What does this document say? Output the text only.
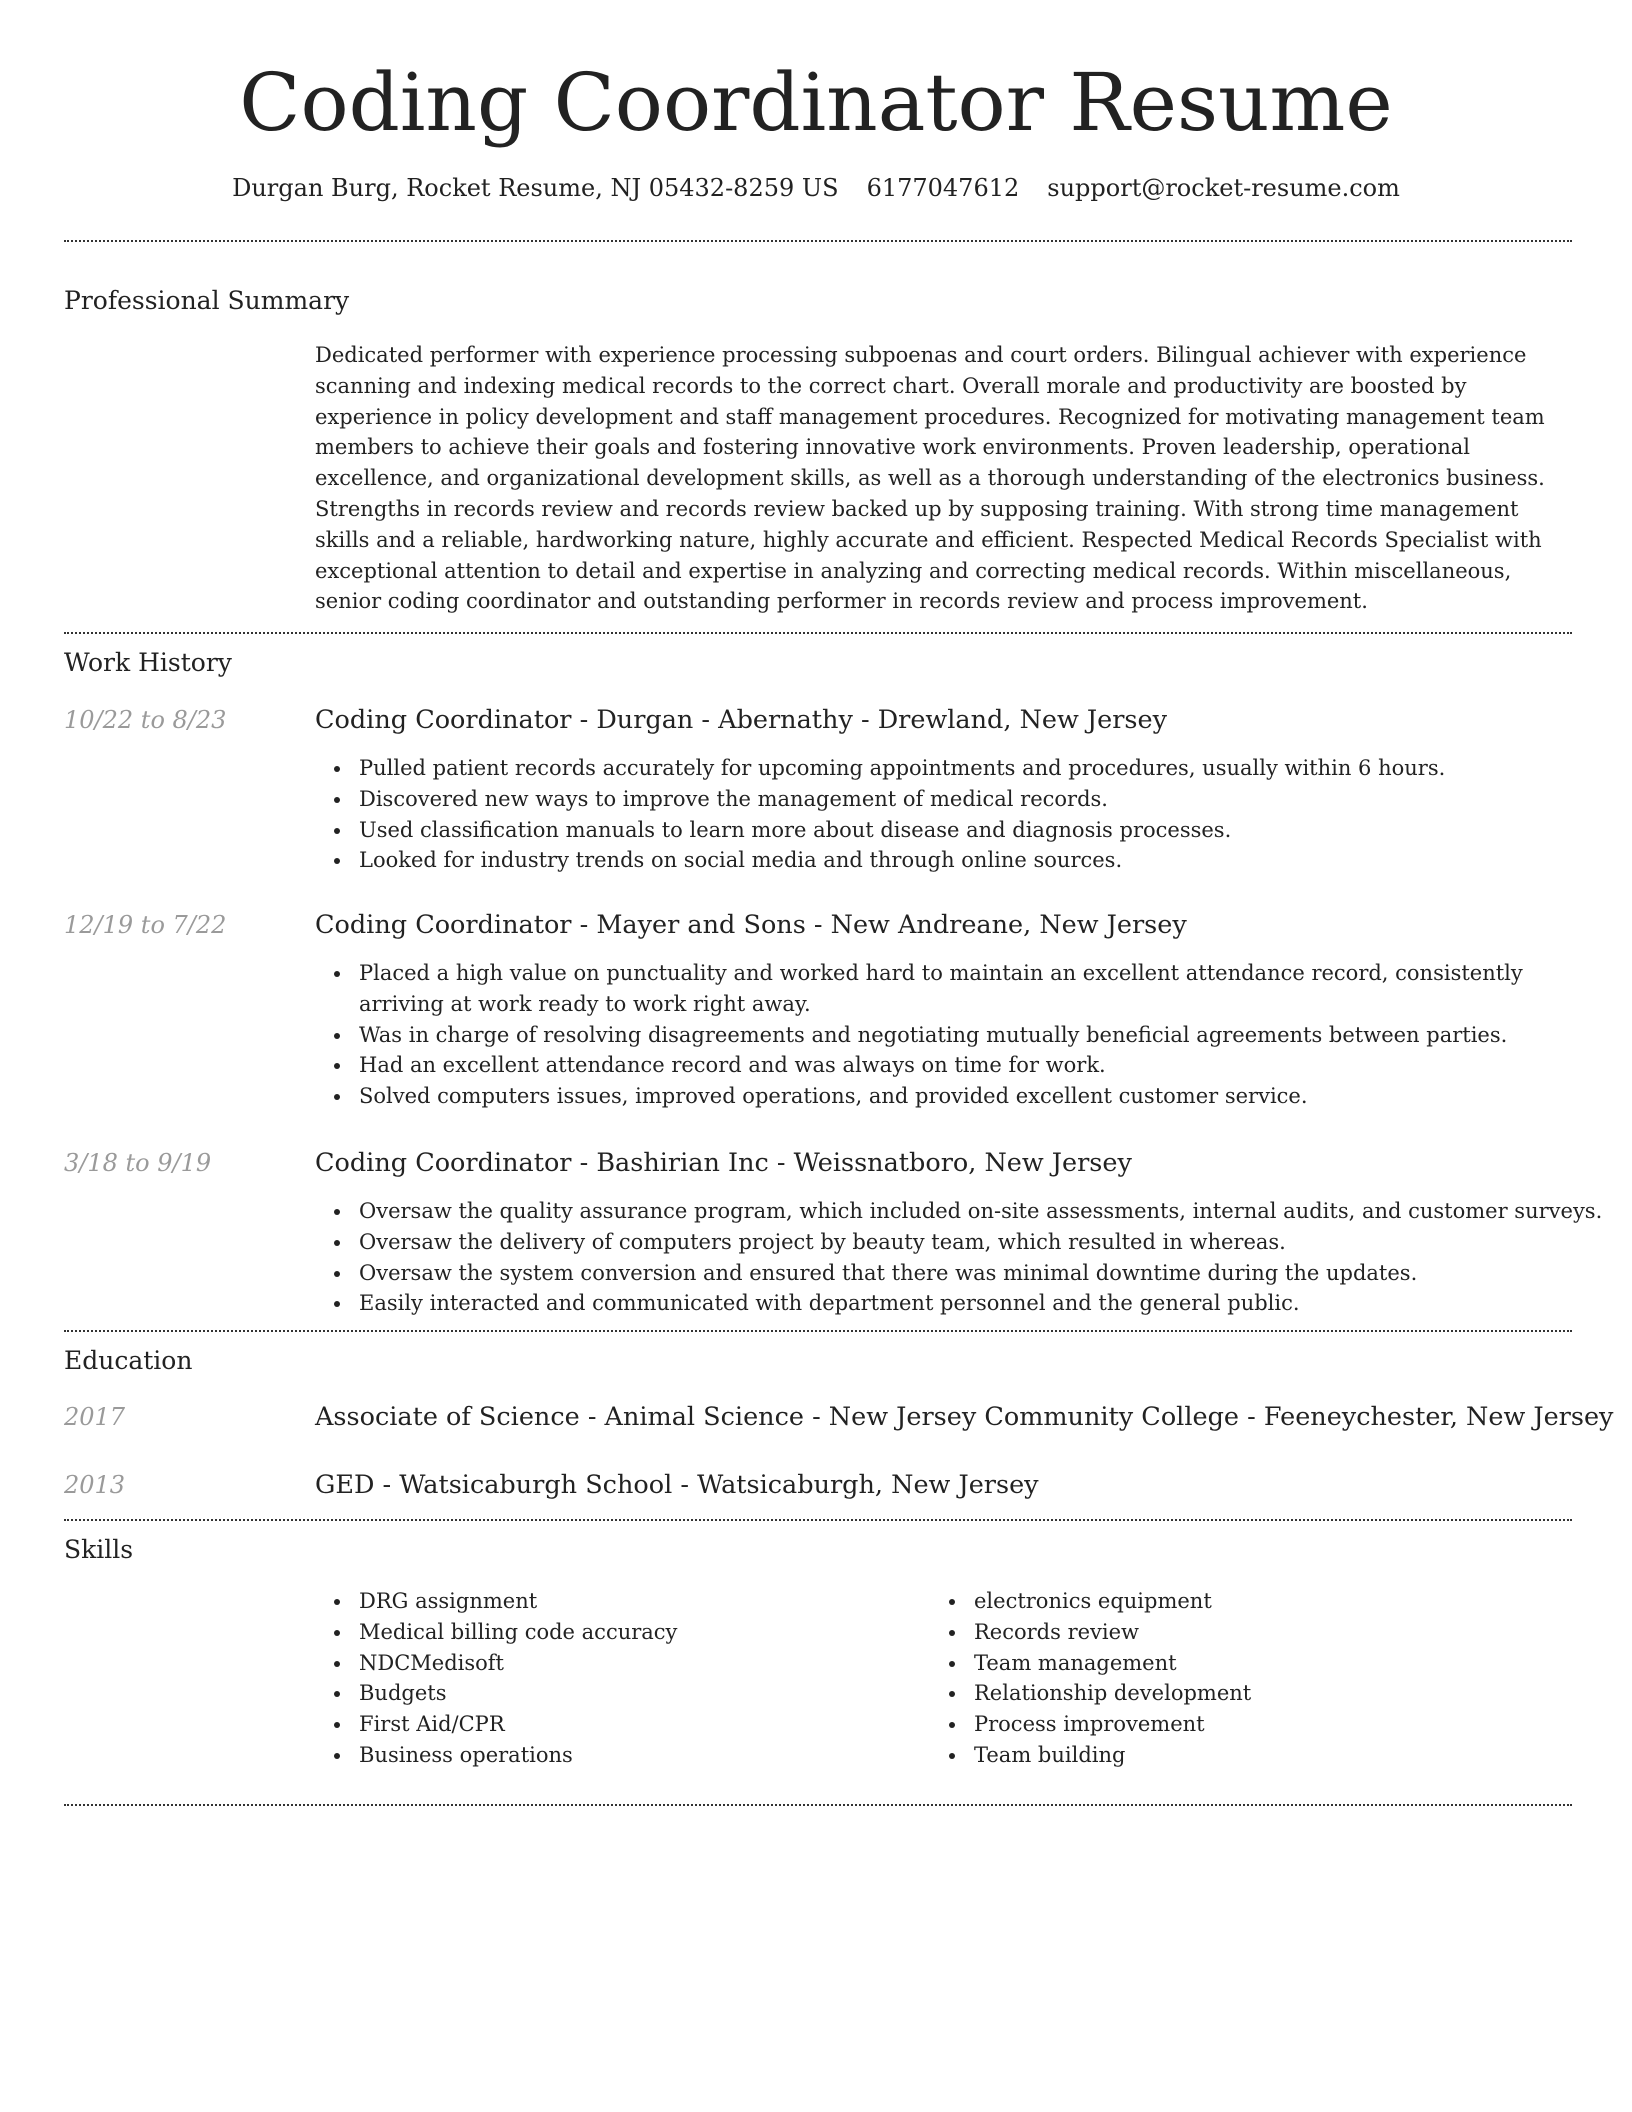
Coding Coordinator Resume
Durgan Burg, Rocket Resume, NJ 05432-8259 US 6177047612 support@rocket-resume.com
Professional Summary

Dedicated performer with experience processing subpoenas and court orders. Bilingual achiever with experience scanning and indexing medical records to the correct chart. Overall morale and productivity are boosted by experience in policy development and staff management procedures. Recognized for motivating management team members to achieve their goals and fostering innovative work environments. Proven leadership, operational excellence, and organizational development skills, as well as a thorough understanding of the electronics business. Strengths in records review and records review backed up by supposing training. With strong time management skills and a reliable, hardworking nature, highly accurate and efficient. Respected Medical Records Specialist with exceptional attention to detail and expertise in analyzing and correcting medical records. Within miscellaneous, senior coding coordinator and outstanding performer in records review and process improvement.

Work History
10/22 to 8/23	Coding Coordinator - Durgan - Abernathy - Drewland, New Jersey
Pulled patient records accurately for upcoming appointments and procedures, usually within 6 hours.
Discovered new ways to improve the management of medical records.
Used classification manuals to learn more about disease and diagnosis processes.
Looked for industry trends on social media and through online sources.
12/19 to 7/22	Coding Coordinator - Mayer and Sons - New Andreane, New Jersey
Placed a high value on punctuality and worked hard to maintain an excellent attendance record, consistently arriving at work ready to work right away.
Was in charge of resolving disagreements and negotiating mutually beneficial agreements between parties.
Had an excellent attendance record and was always on time for work.
Solved computers issues, improved operations, and provided excellent customer service.
3/18 to 9/19	Coding Coordinator - Bashirian Inc - Weissnatboro, New Jersey
Oversaw the quality assurance program, which included on-site assessments, internal audits, and customer surveys.
Oversaw the delivery of computers project by beauty team, which resulted in whereas.
Oversaw the system conversion and ensured that there was minimal downtime during the updates.
Easily interacted and communicated with department personnel and the general public.
Education
2017	Associate of Science - Animal Science - New Jersey Community College - Feeneychester, New Jersey
2013	GED - Watsicaburgh School - Watsicaburgh, New Jersey
Skills
DRG assignment
Medical billing code accuracy
NDCMedisoft
Budgets
First Aid/CPR
Business operations
electronics equipment
Records review
Team management
Relationship development
Process improvement
Team building
